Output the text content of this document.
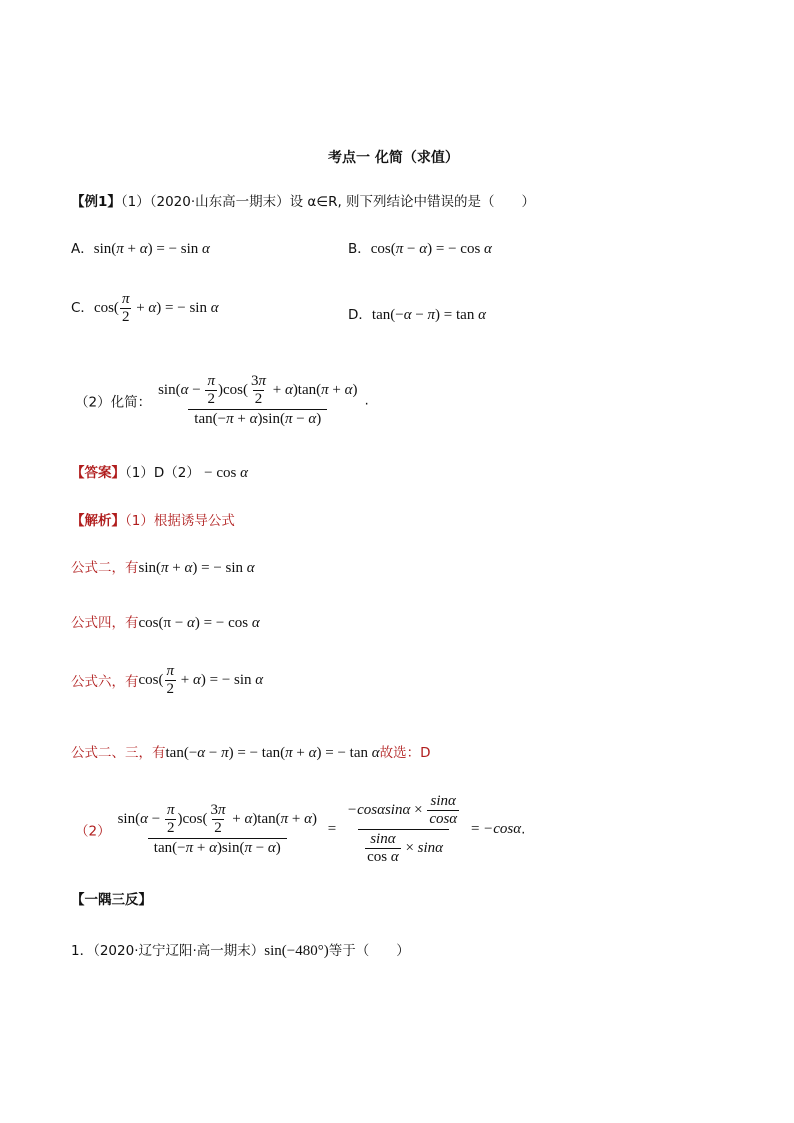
考点一 化简（求值）
【例1】（1）（2020·山东高一期末）设 α∈R, 则下列结论中错误的是（　　）
A．sin(π + α) = − sin α	B．cos(π − α) = − cos α
C．$\cos( \frac{\pi}{2} + \alpha)$ = − sin α	D．tan(−α − π) = tan α
（2）化简： $\frac{\sin(\alpha - \frac{\pi}{2} )\cos( \frac{3\pi}{2} + \alpha)\tan(\pi + \alpha)}{\tan(-\pi + \alpha)\sin(\pi - \alpha)}$ .
【答案】（1）D（2） − cos α
【解析】（1）根据诱导公式
公式二，有sin(π + α) = − sin α
公式四，有cos(π − α) = − cos α
公式六，有$\cos( \frac{\pi}{2} + \alpha)$ = − sin α
公式二、三，有tan(−α − π) = − tan(π + α) = − tan α故选：D
$(2) \frac{\sin(\alpha - \frac{\pi}{2} )\cos( \frac{3\pi}{2} + \alpha)\tan(\pi + \alpha)}{\tan(-\pi + \alpha)\sin(\pi - \alpha)} = \frac{-\cos\alpha\sin\alpha \times \frac{\sin\alpha}{\cos\alpha}}{\frac{\sin\alpha}{\text{cos α}} \times \sin\alpha} = -\cos\alpha$.
【一隅三反】
1．（2020·辽宁辽阳·高一期末）sin(−480°)等于（　　）
